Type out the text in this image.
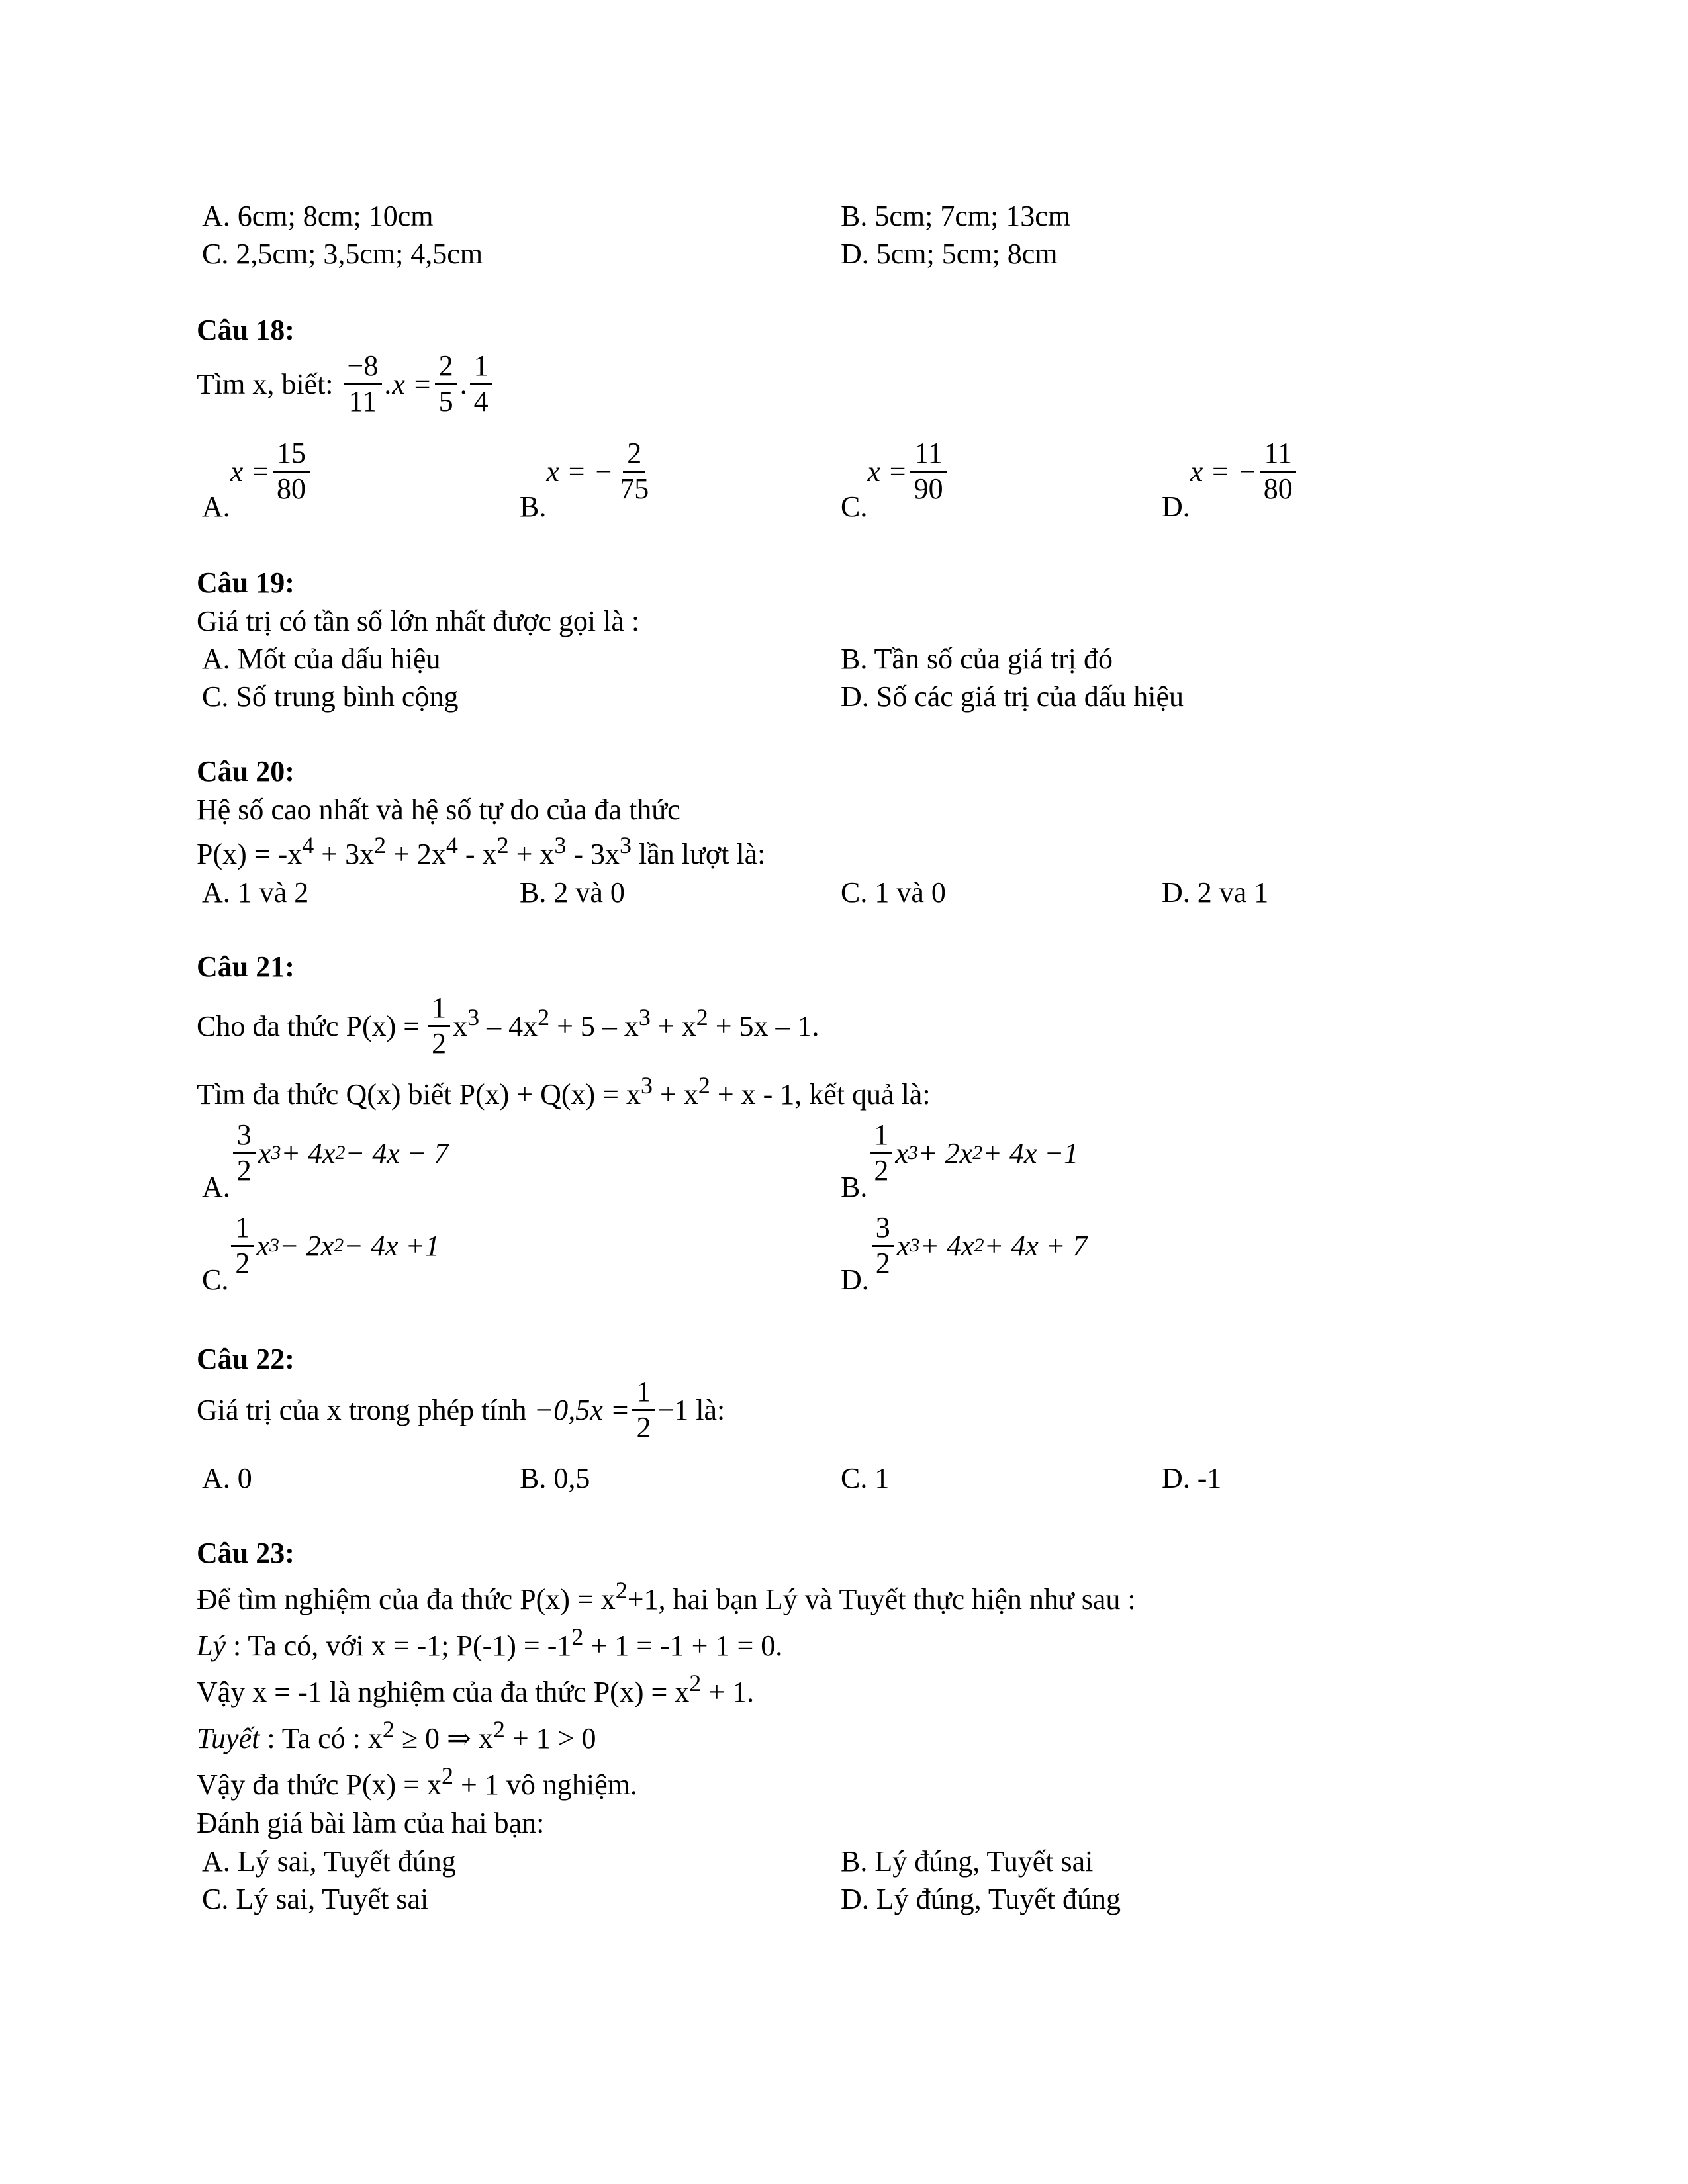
A. 6cm; 8cm; 10cm	B. 5cm; 7cm; 13cm
C. 2,5cm; 3,5cm; 4,5cm	D. 5cm; 5cm; 8cm
Câu 18:
Tìm x, biết:
$\frac{-8}{11} .x = \frac{2}{5}$ . $\frac{1}{4}$
A.
$x = \frac{15}{80}$
B.
x = − $\frac{2}{75}$
C.
$x = \frac{11}{90}$
D.
x = − $\frac{11}{80}$
Câu 19:
Giá trị có tần số lớn nhất được gọi là :
A. Mốt của dấu hiệu	B. Tần số của giá trị đó
C. Số trung bình cộng	D. Số các giá trị của dấu hiệu
Câu 20:
Hệ số cao nhất và hệ số tự do của đa thức
$P(x) = -x^4 + 3x^2 + 2x^4 - x^2 + x^3 - 3x^3$ lần lượt là:
A. 1 và 2	B. 2 và 0	C. 1 và 0	D. 2 va 1
Câu 21:
Cho đa thức $P(x) = \frac{1}{2} x^3 - 4x^2 + 5 - x^3 + x^2 + 5x - 1$.
Tìm đa thức Q(x) biết $P(x) + Q(x) = x^3 + x^2 + x - 1$, kết quả là:
A. $\frac{3}{2}$ x 3 + 4x 2 − 4x − 7
B. $\frac{1}{2}$ x 3 + 2x 2 + 4x −1
C. $\frac{1}{2}$ x 3 − 2x 2 − 4x +1
D. $\frac{3}{2}$ x 3 + 4x 2 + 4x + 7
Câu 22:
Giá trị của x trong phép tính
$-0,5x = \frac{1}{2} -1$
là:
A. 0	B. 0,5	C. 1	D. -1
Câu 23:
Để tìm nghiệm của đa thức $P(x) = x^2+1$, hai bạn Lý và Tuyết thực hiện như sau :
Lý : Ta có, với x = -1; $P(-1) = -1^2 + 1 = -1 + 1 = 0$.
Vậy x = -1 là nghiệm của đa thức $P(x) = x^2 + 1$.
Tuyết : Ta có : $x^2 \ge 0$ ⇒ $x^2 + 1 > 0$
Vậy đa thức $P(x) = x^2 + 1$ vô nghiệm.
Đánh giá bài làm của hai bạn:
A. Lý sai, Tuyết đúng	B. Lý đúng, Tuyết sai
C. Lý sai, Tuyết sai	D. Lý đúng, Tuyết đúng
